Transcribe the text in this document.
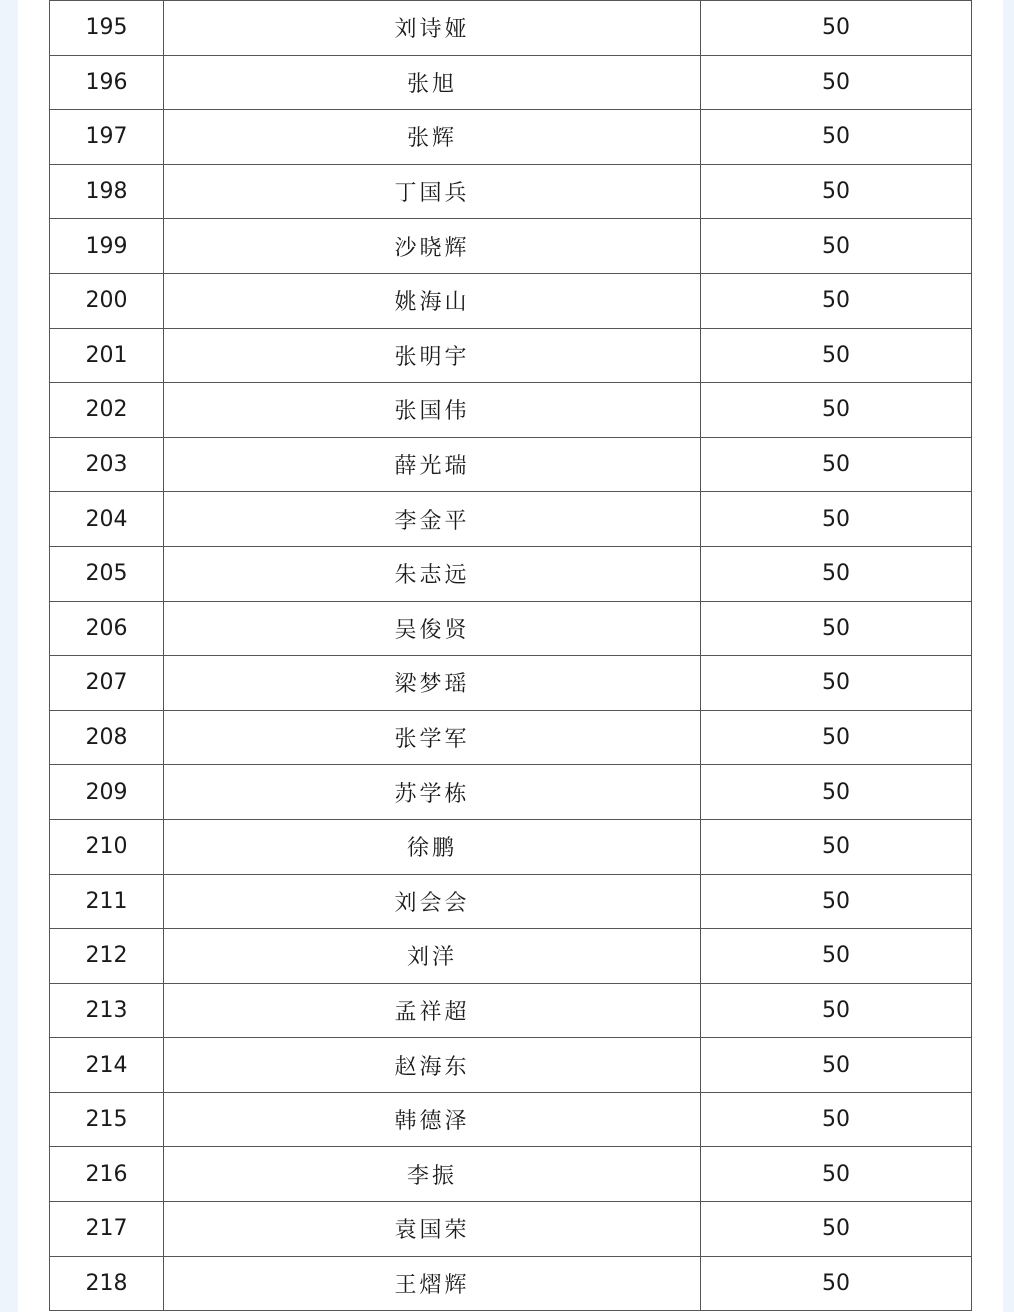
195	刘诗娅	50
196	张旭	50
197	张辉	50
198	丁国兵	50
199	沙晓辉	50
200	姚海山	50
201	张明宇	50
202	张国伟	50
203	薛光瑞	50
204	李金平	50
205	朱志远	50
206	吴俊贤	50
207	梁梦瑶	50
208	张学军	50
209	苏学栋	50
210	徐鹏	50
211	刘会会	50
212	刘洋	50
213	孟祥超	50
214	赵海东	50
215	韩德泽	50
216	李振	50
217	袁国荣	50
218	王熠辉	50
